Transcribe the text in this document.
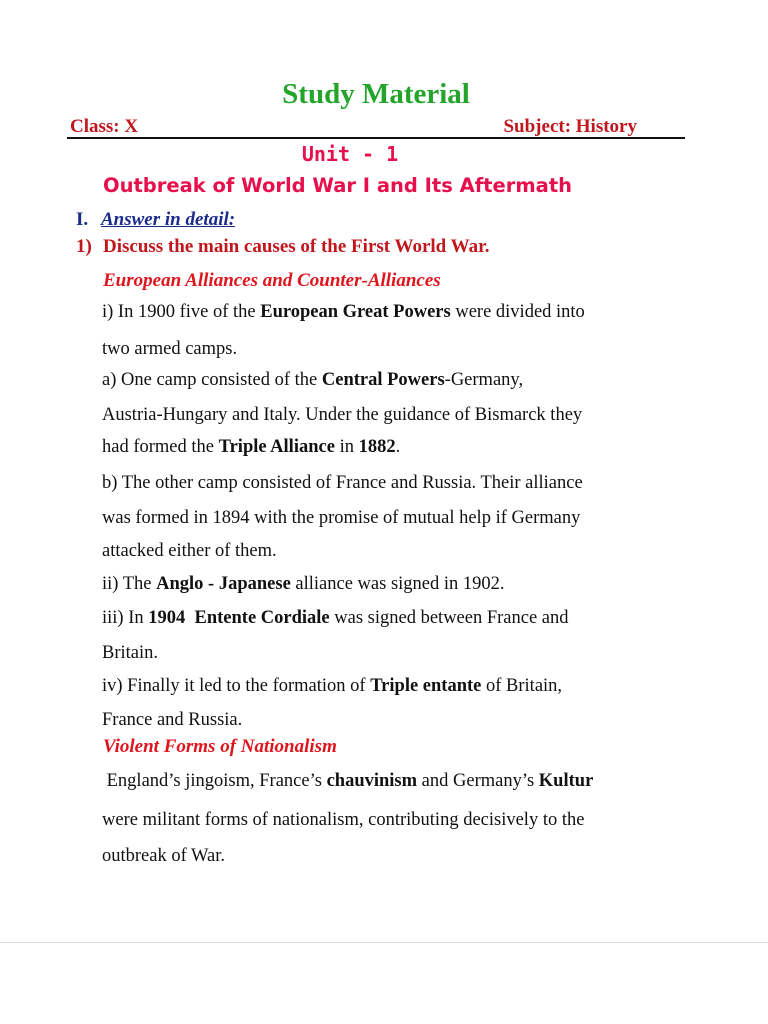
Study Material
Class: X	Subject: History
Unit - 1
Outbreak of World War I and Its Aftermath
I. Answer in detail:
1) Discuss the main causes of the First World War.
European Alliances and Counter-Alliances
i) In 1900 five of the European Great Powers were divided into
two armed camps.
a) One camp consisted of the Central Powers-Germany,
Austria-Hungary and Italy. Under the guidance of Bismarck they
had formed the Triple Alliance in 1882.
b) The other camp consisted of France and Russia. Their alliance
was formed in 1894 with the promise of mutual help if Germany
attacked either of them.
ii) The Anglo - Japanese alliance was signed in 1902.
iii) In 1904 Entente Cordiale was signed between France and
Britain.
iv) Finally it led to the formation of Triple entante of Britain,
France and Russia.
Violent Forms of Nationalism
England’s jingoism, France’s chauvinism and Germany’s Kultur
were militant forms of nationalism, contributing decisively to the
outbreak of War.
